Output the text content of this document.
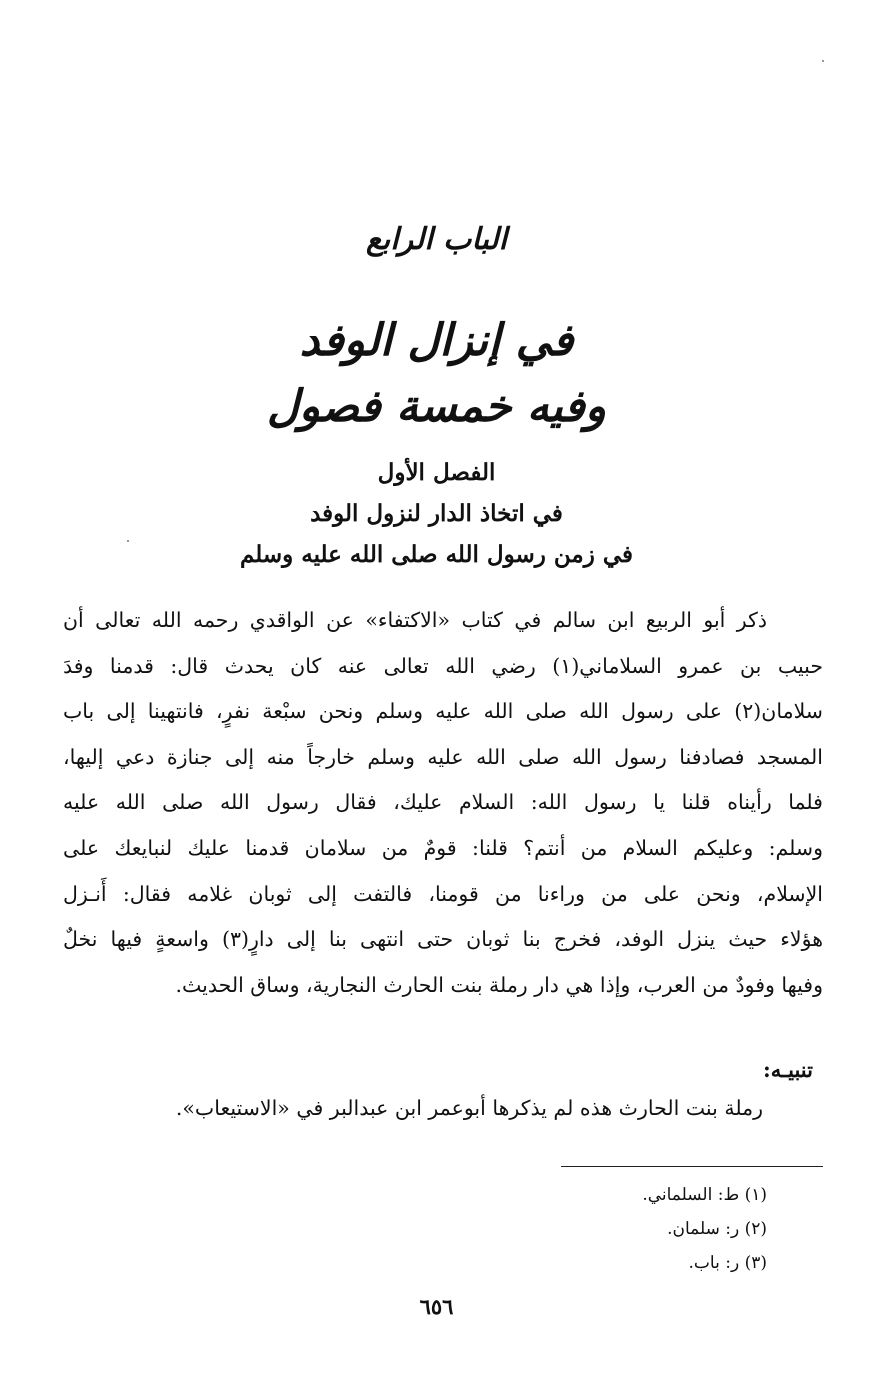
الباب الرابع
في إنزال الوفد
وفيه خمسة فصول
الفصل الأول
في اتخاذ الدار لنزول الوفد
في زمن رسول الله صلى الله عليه وسلم
ذكر أبو الربيع ابن سالم في كتاب «الاكتفاء» عن الواقدي رحمه الله تعالى أن
حبيب بن عمرو السلاماني(١) رضي الله تعالى عنه كان يحدث قال: قدمنا وفدَ
سلامان(٢) على رسول الله صلى الله عليه وسلم ونحن سبْعة نفرٍ، فانتهينا إلى باب
المسجد فصادفنا رسول الله صلى الله عليه وسلم خارجاً منه إلى جنازة دعي إليها،
فلما رأيناه قلنا يا رسول الله: السلام عليك، فقال رسول الله صلى الله عليه
وسلم: وعليكم السلام من أنتم؟ قلنا: قومٌ من سلامان قدمنا عليك لنبايعك على
الإسلام، ونحن على من وراءنا من قومنا، فالتفت إلى ثوبان غلامه فقال: أَنـزل
هؤلاء حيث ينزل الوفد، فخرج بنا ثوبان حتى انتهى بنا إلى دارٍ(٣) واسعةٍ فيها نخلٌ
وفيها وفودٌ من العرب، وإذا هي دار رملة بنت الحارث النجارية، وساق الحديث.
تنبيـه:
رملة بنت الحارث هذه لم يذكرها أبوعمر ابن عبدالبر في «الاستيعاب».
(١) ط: السلماني.
(٢) ر: سلمان.
(٣) ر: باب.
٦٥٦
